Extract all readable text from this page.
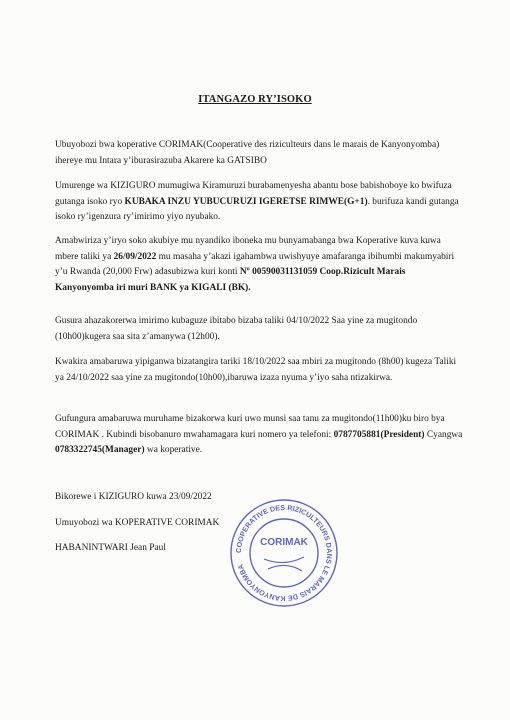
ITANGAZO RY’ISOKO

Ubuyobozi bwa koperative CORIMAK(Cooperative des riziculteurs dans le marais de Kanyonyomba) ihereye mu Intara y’iburasirazuba Akarere ka GATSIBO

Umurenge wa KIZIGURO mumugiwa Kiramuruzi burabamenyesha abantu bose babishoboye ko bwifuza gutanga isoko ryo KUBAKA INZU YUBUCURUZI IGERETSE RIMWE(G+1). burifuza kandi gutanga isoko ry’igenzura ry’imirimo yiyo nyubako.

Amabwiriza y’iryo soko akubiye mu nyandiko iboneka mu bunyamabanga bwa Koperative kuva kuwa mbere taliki ya 26/09/2022 mu masaha y’akazi igahambwa uwishyuye amafaranga ibihumbi makumyabiri y’u Rwanda (20,000 Frw) adasubizwa kuri konti Nº 00590031131059 Coop.Rizicult Marais Kanyonyomba iri muri BANK ya KIGALI (BK).

Gusura ahazakorerwa imirimo kubaguze ibitabo bizaba taliki 04/10/2022 Saa yine za mugitondo (10h00)kugera saa sita z’amanywa (12h00).

Kwakira amabaruwa yipiganwa bizatangira tariki 18/10/2022 saa mbiri za mugitondo (8h00) kugeza Taliki ya 24/10/2022 saa yine za mugitondo(10h00),ibaruwa izaza nyuma y’iyo saha ntizakirwa.

Gufungura amabaruwa muruhame bizakorwa kuri uwo munsi saa tanu za mugitondo(11h00)ku biro bya CORIMAK . Kubindi bisobanuro mwahamagara kuri nomero ya telefoni: 0787705881(President) Cyangwa 0783322745(Manager) wa koperative.

Bikorewe i KIZIGURO kuwa 23/09/2022
Umuyobozi wa KOPERATIVE CORIMAK
HABANINTWARI Jean Paul	COOPERATIVE DES RIZICULTEURS DANS LE MARAIS DE KANYONYOMBA
CORIMAK
